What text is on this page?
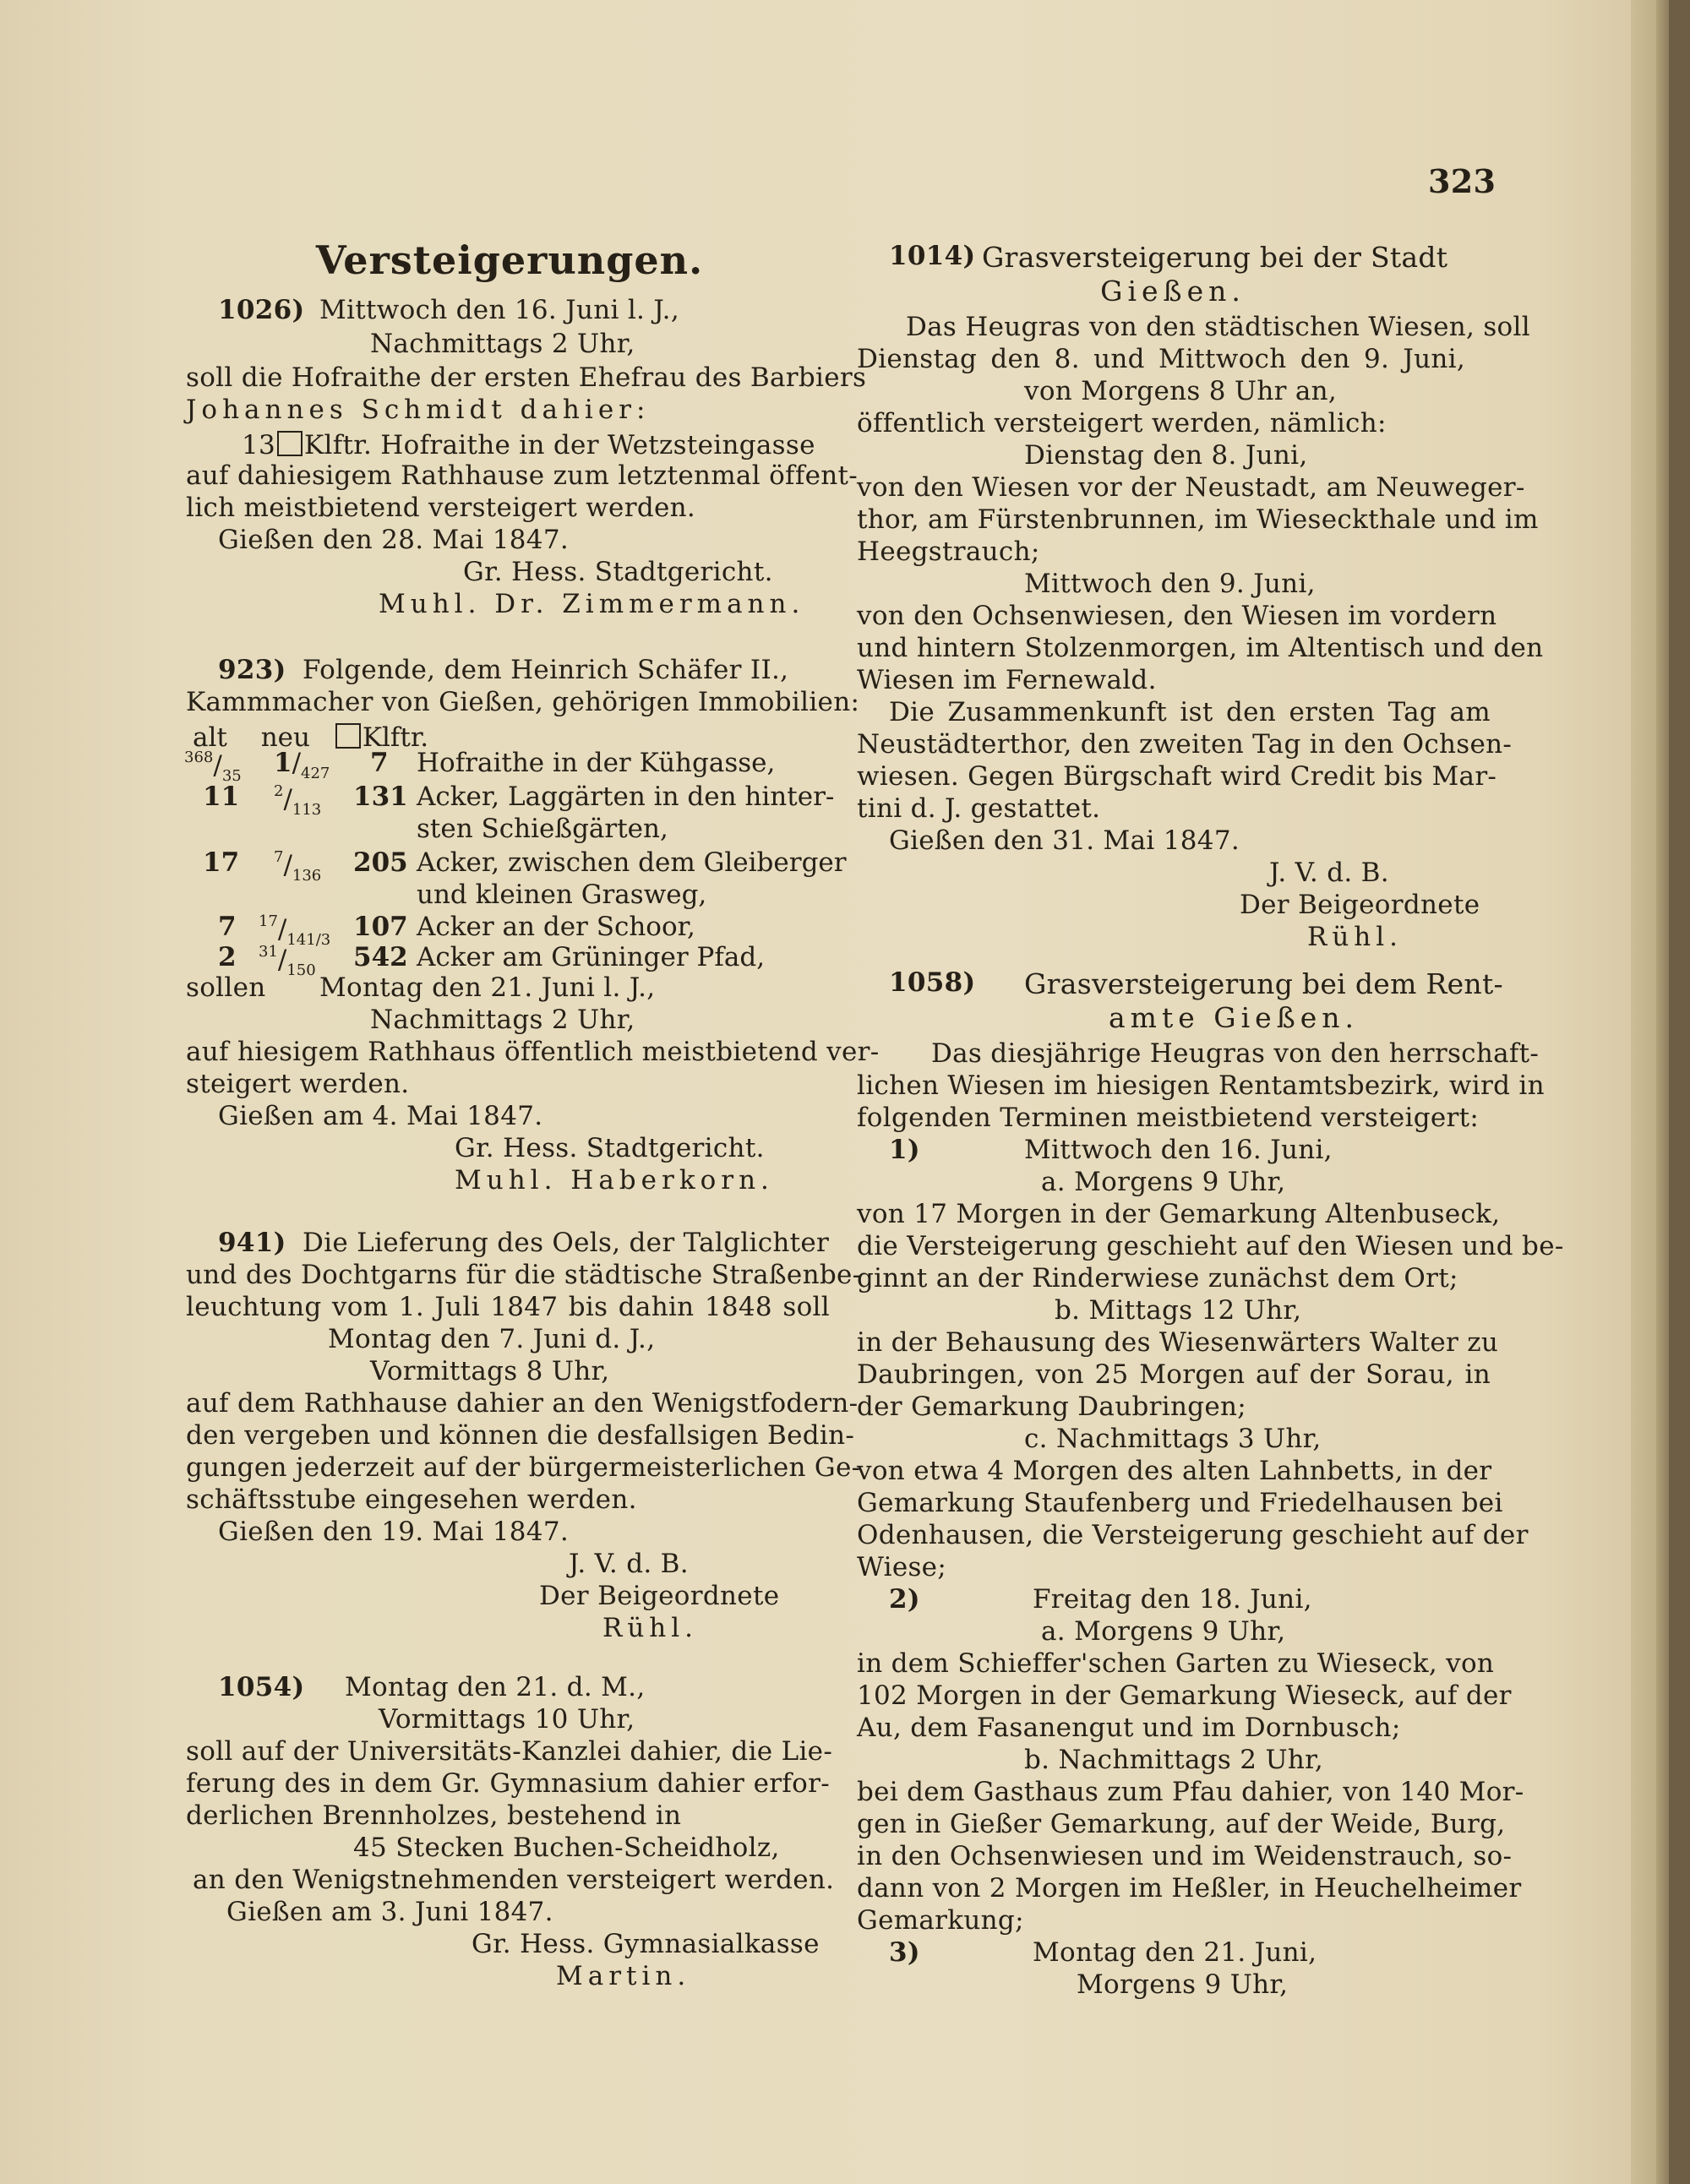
323
Versteigerungen.
1026) Mittwoch den 16. Juni l. J.,
Nachmittags 2 Uhr,
soll die Hofraithe der ersten Ehefrau des Barbiers
Johannes Schmidt dahier:
13 Klftr. Hofraithe in der Wetzsteingasse
auf dahiesigem Rathhause zum letztenmal öffent-
lich meistbietend versteigert werden.
Gießen den 28. Mai 1847.
Gr. Hess. Stadtgericht.
Muhl. Dr. Zimmermann.
923) Folgende, dem Heinrich Schäfer II.,
Kammmacher von Gießen, gehörigen Immobilien:
alt neu Klftr.
$^{368}/_{35}$ $1/_{427}$ 7 Hofraithe in der Kühgasse,
11 $^2/_{113}$ 131 Acker, Laggärten in den hinter-
sten Schießgärten,
17 $^7/_{136}$ 205 Acker, zwischen dem Gleiberger
und kleinen Grasweg,
7 $^{17}/_{141/3}$ 107 Acker an der Schoor,
2 $^{31}/_{150}$ 542 Acker am Grüninger Pfad,
sollen Montag den 21. Juni l. J.,
Nachmittags 2 Uhr,
auf hiesigem Rathhaus öffentlich meistbietend ver-
steigert werden.
Gießen am 4. Mai 1847.
Gr. Hess. Stadtgericht.
Muhl. Haberkorn.
941) Die Lieferung des Oels, der Talglichter
und des Dochtgarns für die städtische Straßenbe-
leuchtung vom 1. Juli 1847 bis dahin 1848 soll
Montag den 7. Juni d. J.,
Vormittags 8 Uhr,
auf dem Rathhause dahier an den Wenigstfodern-
den vergeben und können die desfallsigen Bedin-
gungen jederzeit auf der bürgermeisterlichen Ge-
schäftsstube eingesehen werden.
Gießen den 19. Mai 1847.
J. V. d. B.
Der Beigeordnete
Rühl.
1054) Montag den 21. d. M.,
Vormittags 10 Uhr,
soll auf der Universitäts-Kanzlei dahier, die Lie-
ferung des in dem Gr. Gymnasium dahier erfor-
derlichen Brennholzes, bestehend in
45 Stecken Buchen-Scheidholz,
an den Wenigstnehmenden versteigert werden.
Gießen am 3. Juni 1847.
Gr. Hess. Gymnasialkasse
Martin.
1014) Grasversteigerung bei der Stadt
Gießen.
Das Heugras von den städtischen Wiesen, soll
Dienstag den 8. und Mittwoch den 9. Juni,
von Morgens 8 Uhr an,
öffentlich versteigert werden, nämlich:
Dienstag den 8. Juni,
von den Wiesen vor der Neustadt, am Neuweger-
thor, am Fürstenbrunnen, im Wieseckthale und im
Heegstrauch;
Mittwoch den 9. Juni,
von den Ochsenwiesen, den Wiesen im vordern
und hintern Stolzenmorgen, im Altentisch und den
Wiesen im Fernewald.
Die Zusammenkunft ist den ersten Tag am
Neustädterthor, den zweiten Tag in den Ochsen-
wiesen. Gegen Bürgschaft wird Credit bis Mar-
tini d. J. gestattet.
Gießen den 31. Mai 1847.
J. V. d. B.
Der Beigeordnete
Rühl.
1058) Grasversteigerung bei dem Rent-
amte Gießen.
Das diesjährige Heugras von den herrschaft-
lichen Wiesen im hiesigen Rentamtsbezirk, wird in
folgenden Terminen meistbietend versteigert:
1)	Mittwoch den 16. Juni,
a. Morgens 9 Uhr,
von 17 Morgen in der Gemarkung Altenbuseck,
die Versteigerung geschieht auf den Wiesen und be-
ginnt an der Rinderwiese zunächst dem Ort;
b. Mittags 12 Uhr,
in der Behausung des Wiesenwärters Walter zu
Daubringen, von 25 Morgen auf der Sorau, in
der Gemarkung Daubringen;
c. Nachmittags 3 Uhr,
von etwa 4 Morgen des alten Lahnbetts, in der
Gemarkung Staufenberg und Friedelhausen bei
Odenhausen, die Versteigerung geschieht auf der
Wiese;
2)	Freitag den 18. Juni,
a. Morgens 9 Uhr,
in dem Schieffer'schen Garten zu Wieseck, von
102 Morgen in der Gemarkung Wieseck, auf der
Au, dem Fasanengut und im Dornbusch;
b. Nachmittags 2 Uhr,
bei dem Gasthaus zum Pfau dahier, von 140 Mor-
gen in Gießer Gemarkung, auf der Weide, Burg,
in den Ochsenwiesen und im Weidenstrauch, so-
dann von 2 Morgen im Heßler, in Heuchelheimer
Gemarkung;
3)	Montag den 21. Juni,
Morgens 9 Uhr,
